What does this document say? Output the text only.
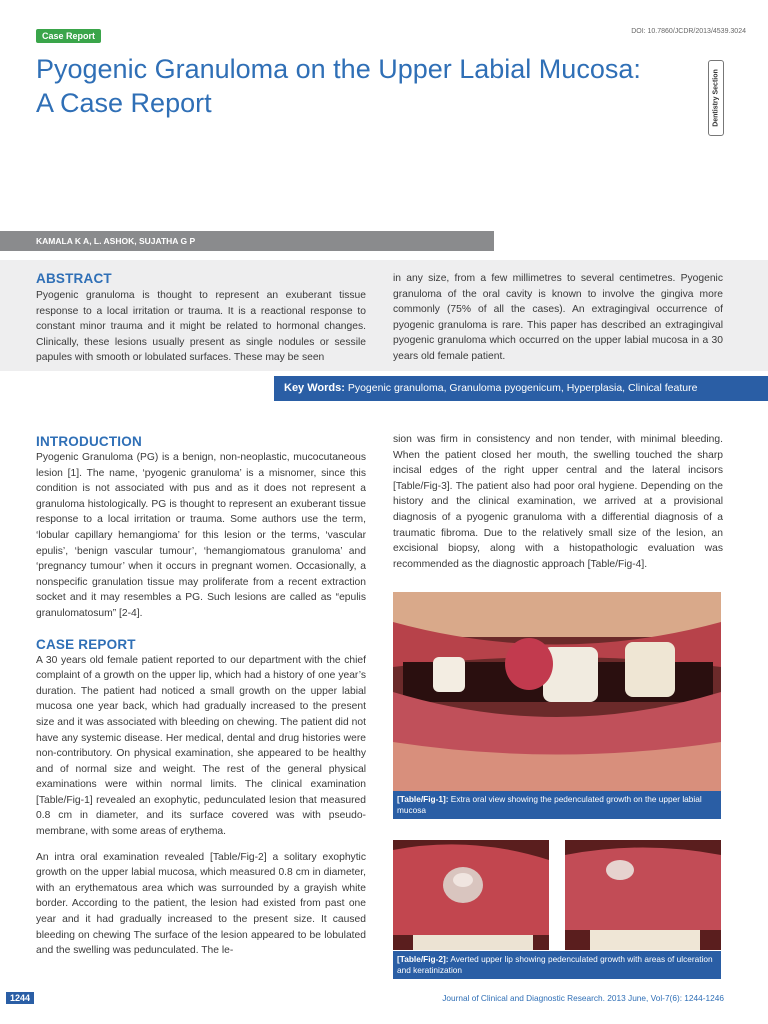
Case Report	DOI: 10.7860/JCDR/2013/4539.3024
Pyogenic Granuloma on the Upper Labial Mucosa: A Case Report	Dentistry Section
KAMALA K A, L. ASHOK, SUJATHA G P
ABSTRACT

Pyogenic granuloma is thought to represent an exuberant tissue response to a local irritation or trauma. It is a reactional response to constant minor trauma and it might be related to hormonal changes. Clinically, these lesions usually present as single nodules or sessile papules with smooth or lobulated surfaces. These may be seen

in any size, from a few millimetres to several centimetres. Pyogenic granuloma of the oral cavity is known to involve the gingiva more commonly (75% of all the cases). An extragingival occurrence of pyogenic granuloma is rare. This paper has described an extragingival pyogenic granuloma which occurred on the upper labial mucosa in a 30 years old female patient.

Key Words: Pyogenic granuloma, Granuloma pyogenicum, Hyperplasia, Clinical feature
INTRODUCTION

Pyogenic Granuloma (PG) is a benign, non-neoplastic, mucocutaneous lesion [1]. The name, ‘pyogenic granuloma’ is a misnomer, since this condition is not associated with pus and as it does not represent a granuloma histologically. PG is thought to represent an exuberant tissue response to a local irritation or trauma. Some authors use the term, ‘lobular capillary hemangioma’ for this lesion or the terms, ‘vascular epulis’, ‘benign vascular tumour’, ‘hemangiomatous granuloma’ and ‘pregnancy tumour’ when it occurs in pregnant women. Occasionally, a nonspecific granulation tissue may proliferate from a recent extraction socket and it may resembles a PG. Such lesions are called as “epulis granulomatosum” [2-4].

CASE REPORT

A 30 years old female patient reported to our department with the chief complaint of a growth on the upper lip, which had a history of one year’s duration. The patient had noticed a small growth on the upper labial mucosa one year back, which had gradually increased to the present size and it was associated with bleeding on chewing. The patient did not have any systemic disease. Her medical, dental and drug histories were non-contributory. On physical examination, she appeared to be healthy and of normal size and weight. The rest of the general physical examinations were within normal limits. The clinical examination [Table/Fig-1] revealed an exophytic, pedunculated lesion that measured 0.8 cm in diameter, and its surface covered was with pseudo-membrane, with some areas of erythema.

An intra oral examination revealed [Table/Fig-2] a solitary exophytic growth on the upper labial mucosa, which measured 0.8 cm in diameter, with an erythematous area which was surrounded by a grayish white border. According to the patient, the lesion had existed from past one year and it had gradually increased to the present size. It caused bleeding on chewing The surface of the lesion appeared to be lobulated and the swelling was pedunculated. The le-

sion was firm in consistency and non tender, with minimal bleeding. When the patient closed her mouth, the swelling touched the sharp incisal edges of the right upper central and the lateral incisors [Table/Fig-3]. The patient also had poor oral hygiene. Depending on the history and the clinical examination, we arrived at a provisional diagnosis of a pyogenic granuloma with a differential diagnosis of a traumatic fibroma. Due to the relatively small size of the lesion, an excisional biopsy, along with a histopathologic evaluation was recommended as the diagnostic approach [Table/Fig-4].

[Table/Fig-1]: Extra oral view showing the pedenculated growth on the upper labial mucosa
[Table/Fig-2]: Averted upper lip showing pedenculated growth with areas of ulceration and keratinization
1244	Journal of Clinical and Diagnostic Research. 2013 June, Vol-7(6): 1244-1246
